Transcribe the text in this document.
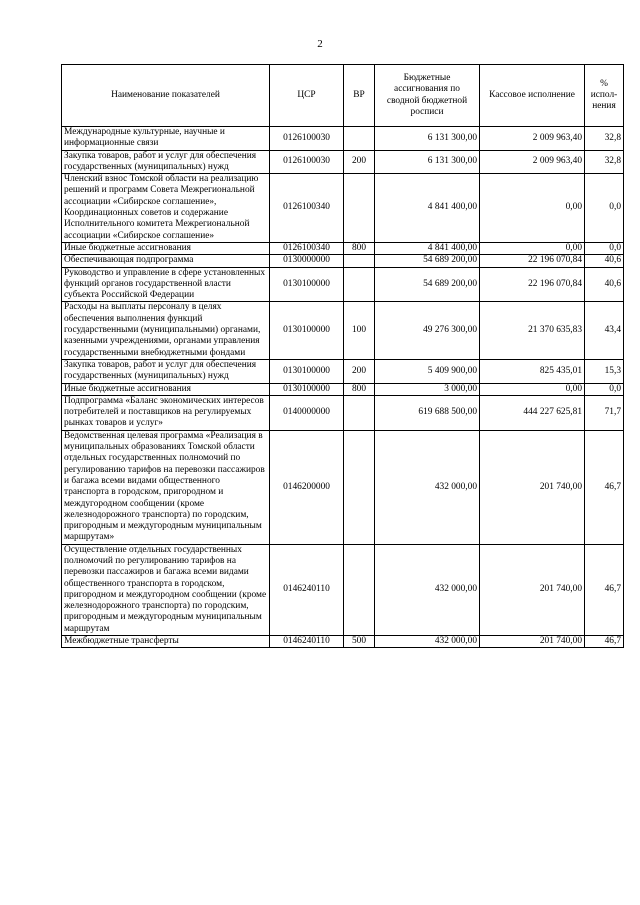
2
Наименование показателей	ЦСР	ВР	Бюджетные ассигнования по сводной бюджетной росписи	Кассовое исполнение	% испол-нения
Международные культурные, научные и информационные связи	0126100030		6 131 300,00	2 009 963,40	32,8
Закупка товаров, работ и услуг для обеспечения государственных (муниципальных) нужд	0126100030	200	6 131 300,00	2 009 963,40	32,8
Членский взнос Томской области на реализацию решений и программ Совета Межрегиональной ассоциации «Сибирское соглашение», Координационных советов и содержание Исполнительного комитета Межрегиональной ассоциации «Сибирское соглашение»	0126100340		4 841 400,00	0,00	0,0
Иные бюджетные ассигнования	0126100340	800	4 841 400,00	0,00	0,0
Обеспечивающая подпрограмма	0130000000		54 689 200,00	22 196 070,84	40,6
Руководство и управление в сфере установленных функций органов государственной власти субъекта Российской Федерации	0130100000		54 689 200,00	22 196 070,84	40,6
Расходы на выплаты персоналу в целях обеспечения выполнения функций государственными (муниципальными) органами, казенными учреждениями, органами управления государственными внебюджетными фондами	0130100000	100	49 276 300,00	21 370 635,83	43,4
Закупка товаров, работ и услуг для обеспечения государственных (муниципальных) нужд	0130100000	200	5 409 900,00	825 435,01	15,3
Иные бюджетные ассигнования	0130100000	800	3 000,00	0,00	0,0
Подпрограмма «Баланс экономических интересов потребителей и поставщиков на регулируемых рынках товаров и услуг»	0140000000		619 688 500,00	444 227 625,81	71,7
Ведомственная целевая программа «Реализация в муниципальных образованиях Томской области отдельных государственных полномочий по регулированию тарифов на перевозки пассажиров и багажа всеми видами общественного транспорта в городском, пригородном и междугородном сообщении (кроме железнодорожного транспорта) по городским, пригородным и междугородным муниципальным маршрутам»	0146200000		432 000,00	201 740,00	46,7
Осуществление отдельных государственных полномочий по регулированию тарифов на перевозки пассажиров и багажа всеми видами общественного транспорта в городском, пригородном и междугородном сообщении (кроме железнодорожного транспорта) по городским, пригородным и междугородным муниципальным маршрутам	0146240110		432 000,00	201 740,00	46,7
Межбюджетные трансферты	0146240110	500	432 000,00	201 740,00	46,7
